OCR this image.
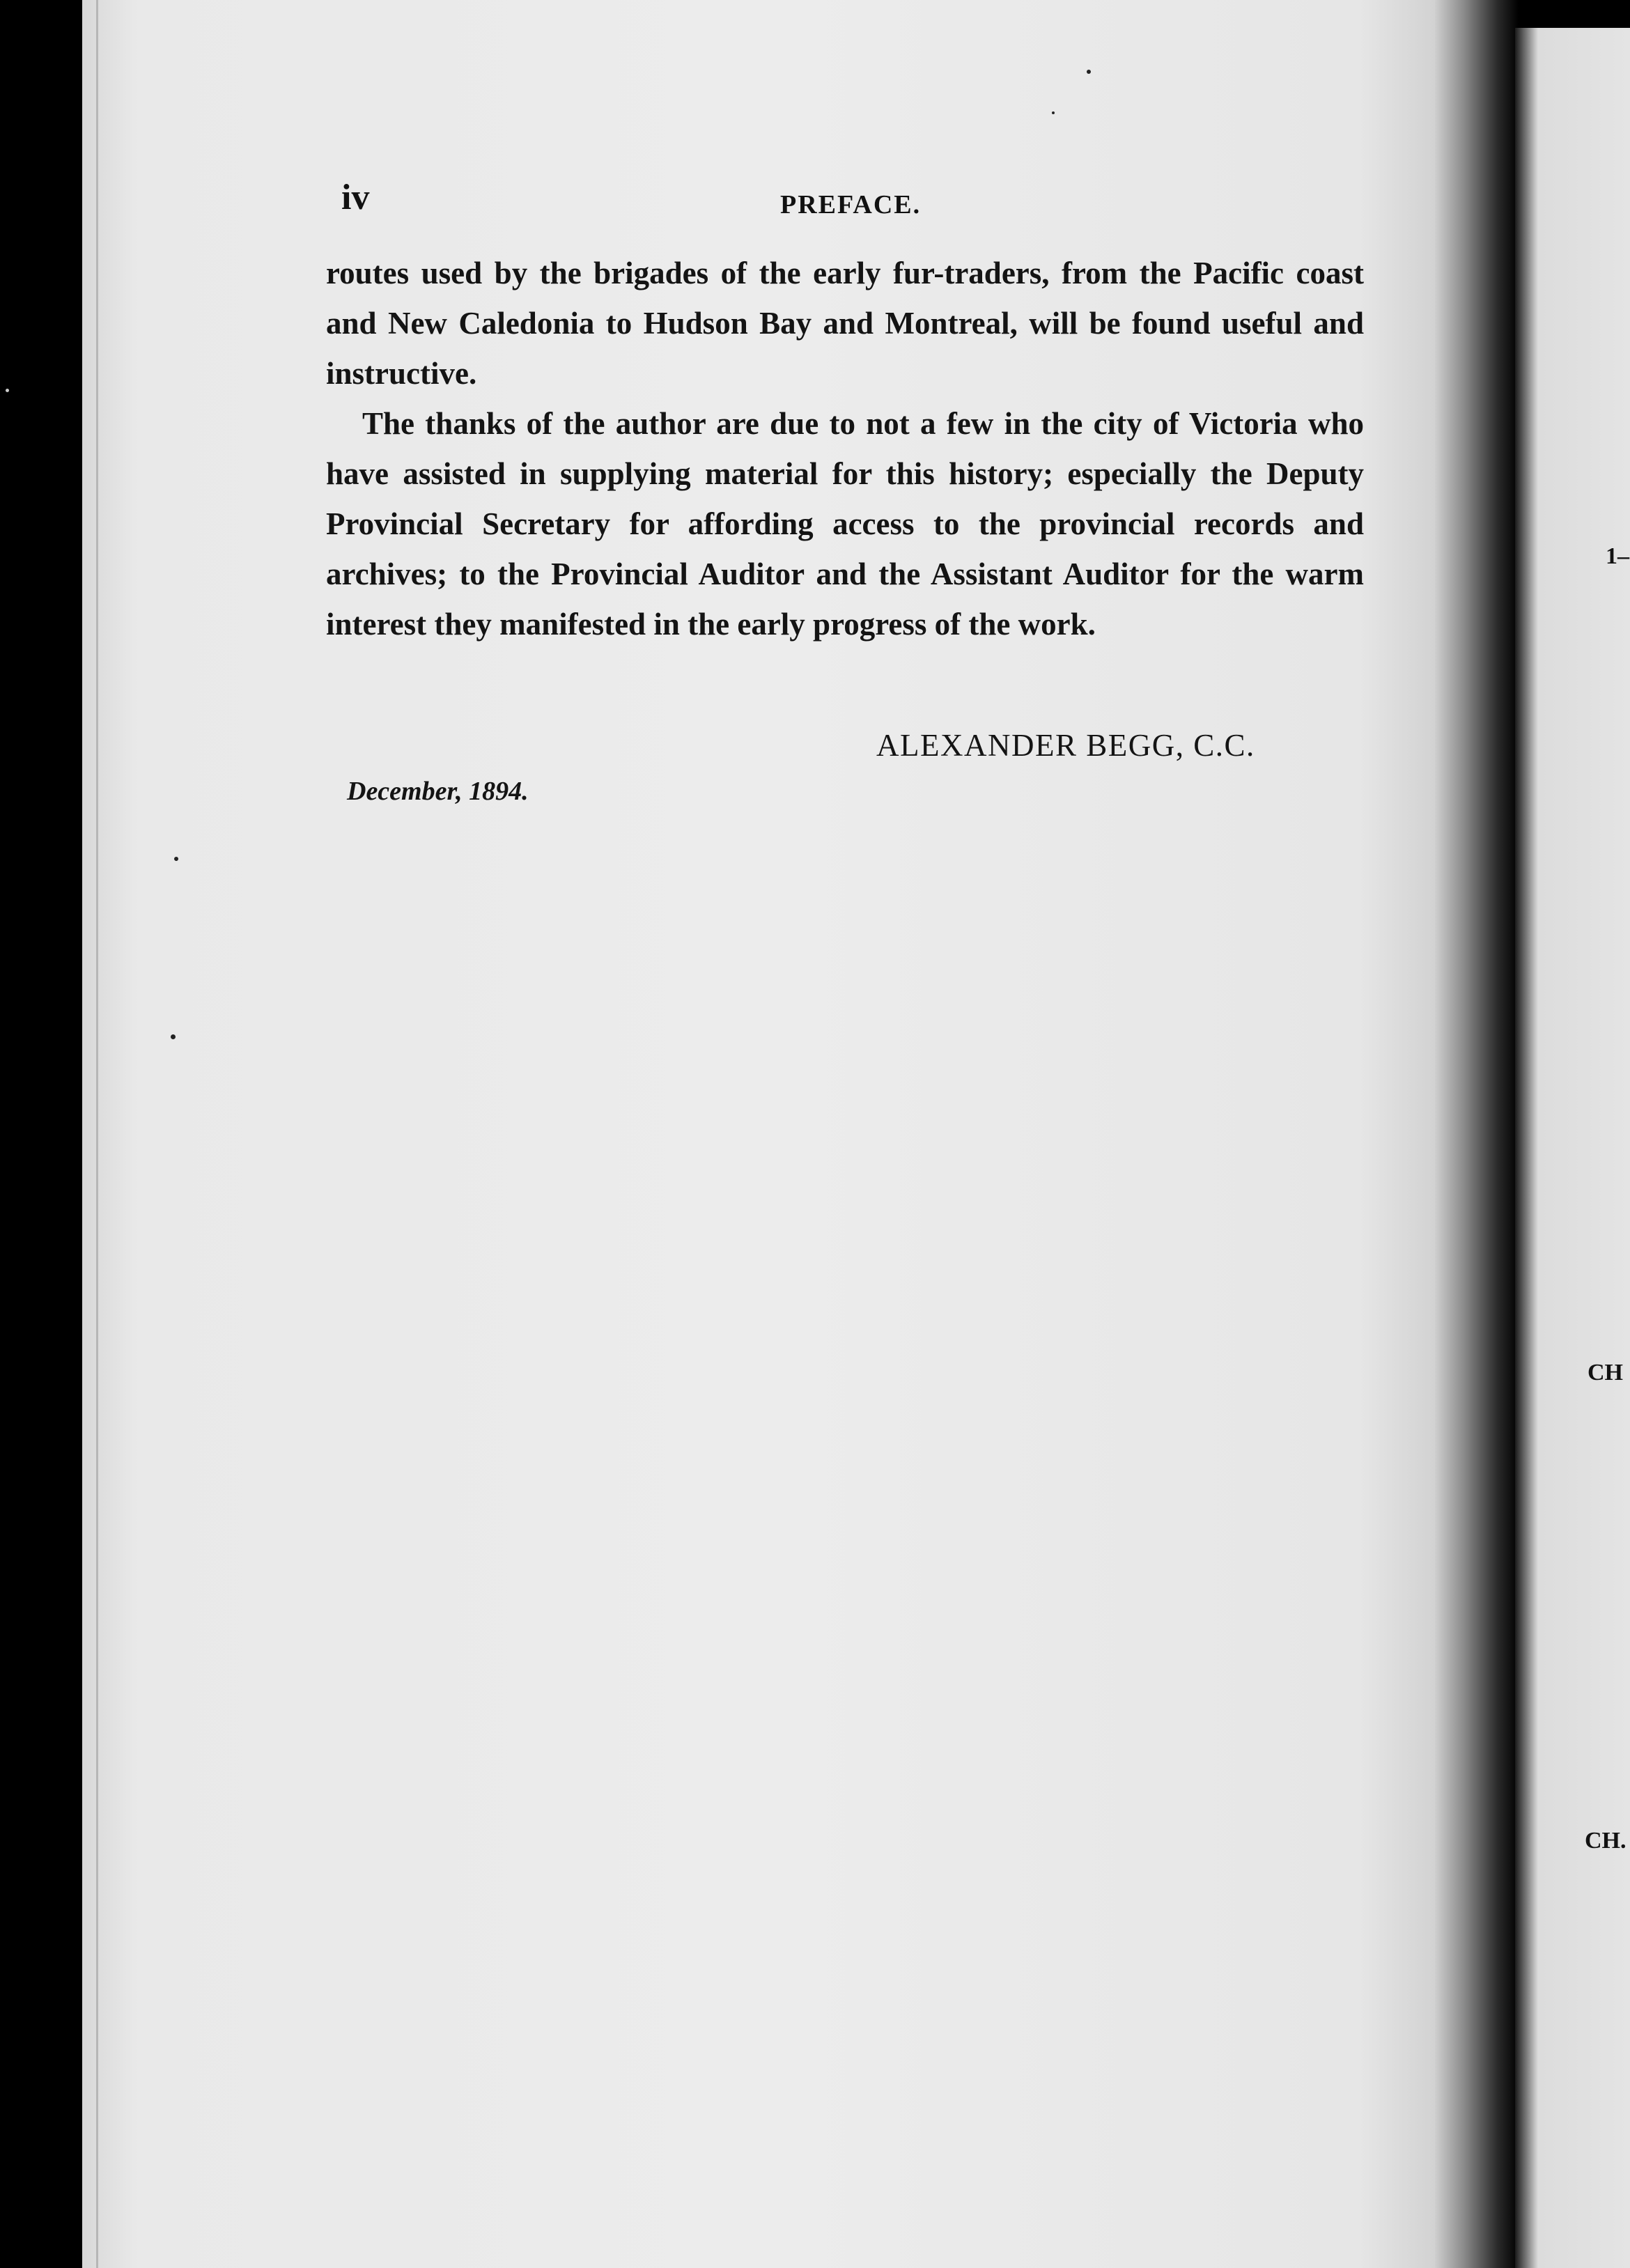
iv	PREFACE.

routes used by the brigades of the early fur-traders, from the Pacific coast and New Caledonia to Hudson Bay and Montreal, will be found useful and instructive.

The thanks of the author are due to not a few in the city of Victoria who have assisted in supplying material for this history; especially the Deputy Provincial Secretary for affording access to the provincial records and archives; to the Provincial Auditor and the Assistant Auditor for the warm interest they manifested in the early progress of the work.

ALEXANDER BEGG, C.C.
December, 1894.
1–
CH
CH.
